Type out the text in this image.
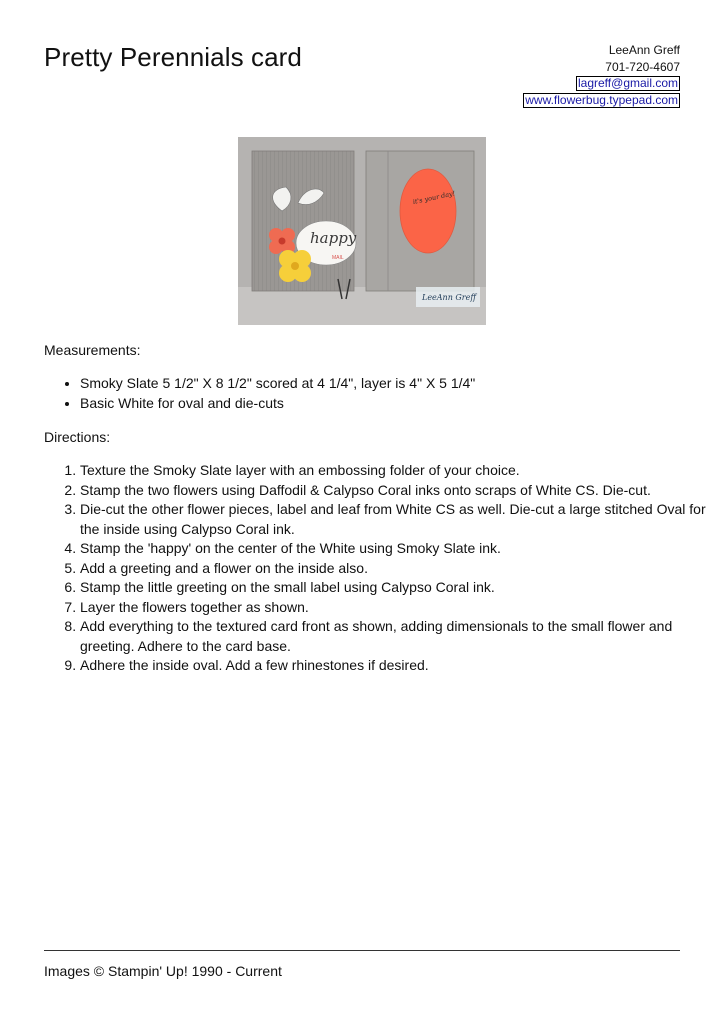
Pretty Perennials card	LeeAnn Greff
701-720-4607
lagreff@gmail.com
www.flowerbug.typepad.com
happy
MAIL
it's your day!
LeeAnn Greff
Measurements:
• Smoky Slate 5 1/2" X 8 1/2" scored at 4 1/4", layer is 4" X 5 1/4"
• Basic White for oval and die-cuts
Directions:
1. Texture the Smoky Slate layer with an embossing folder of your choice.
2. Stamp the two flowers using Daffodil & Calypso Coral inks onto scraps of White CS. Die-cut.
3. Die-cut the other flower pieces, label and leaf from White CS as well. Die-cut a large stitched Oval for the inside using Calypso Coral ink.
4. Stamp the 'happy' on the center of the White using Smoky Slate ink.
5. Add a greeting and a flower on the inside also.
6. Stamp the little greeting on the small label using Calypso Coral ink.
7. Layer the flowers together as shown.
8. Add everything to the textured card front as shown, adding dimensionals to the small flower and greeting. Adhere to the card base.
9. Adhere the inside oval. Add a few rhinestones if desired.
Images © Stampin' Up! 1990 - Current
